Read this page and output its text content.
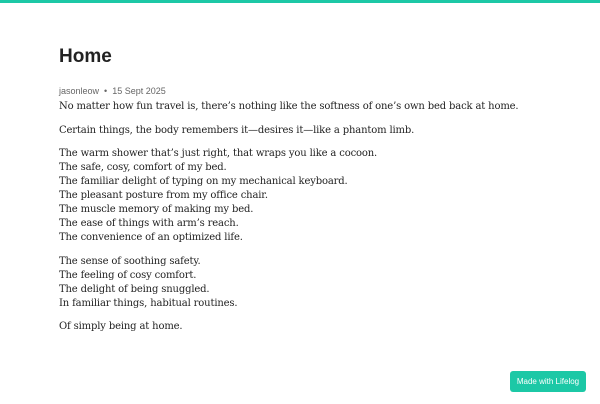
Home
jasonleow • 15 Sept 2025

No matter how fun travel is, there’s nothing like the softness of one’s own bed back at home.

Certain things, the body remembers it—desires it—like a phantom limb.

The warm shower that’s just right, that wraps you like a cocoon.
The safe, cosy, comfort of my bed.
The familiar delight of typing on my mechanical keyboard.
The pleasant posture from my office chair.
The muscle memory of making my bed.
The ease of things with arm’s reach.
The convenience of an optimized life.

The sense of soothing safety.
The feeling of cosy comfort.
The delight of being snuggled.
In familiar things, habitual routines.

Of simply being at home.

Made with Lifelog
